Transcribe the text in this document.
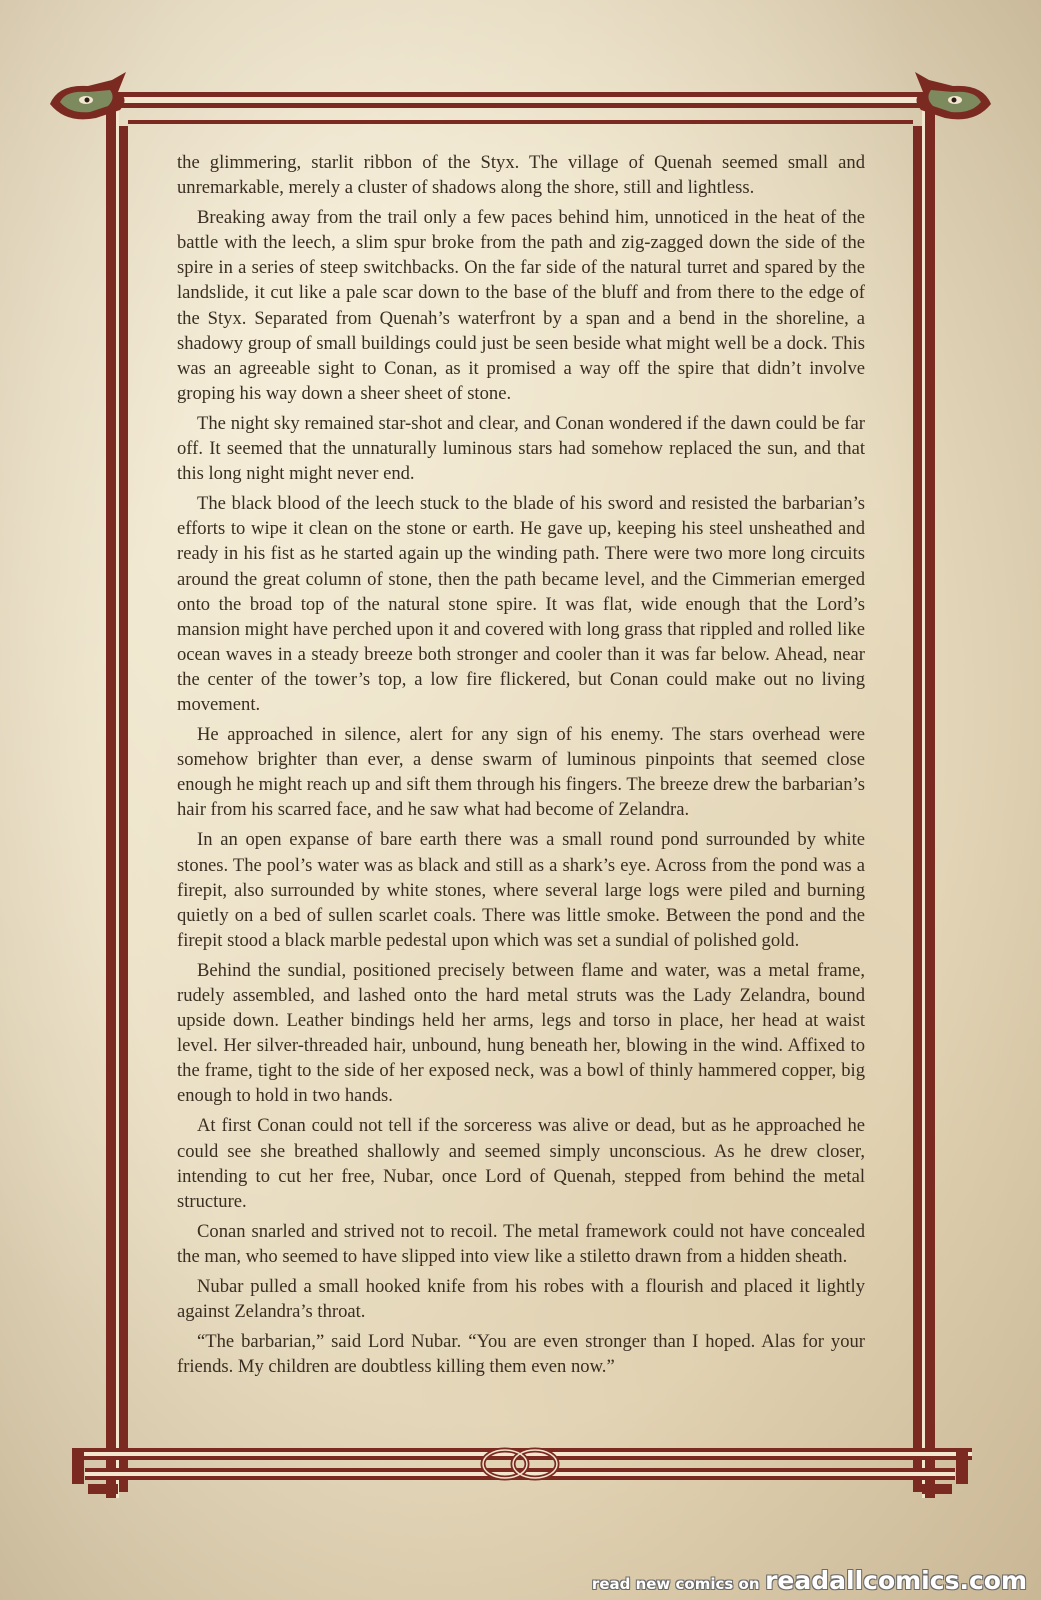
the glimmering, starlit ribbon of the Styx. The village of Quenah seemed small and unremarkable, merely a cluster of shadows along the shore, still and lightless.

Breaking away from the trail only a few paces behind him, unnoticed in the heat of the battle with the leech, a slim spur broke from the path and zig-zagged down the side of the spire in a series of steep switchbacks. On the far side of the natural turret and spared by the landslide, it cut like a pale scar down to the base of the bluff and from there to the edge of the Styx. Separated from Quenah’s waterfront by a span and a bend in the shoreline, a shadowy group of small buildings could just be seen beside what might well be a dock. This was an agreeable sight to Conan, as it promised a way off the spire that didn’t involve groping his way down a sheer sheet of stone.

The night sky remained star-shot and clear, and Conan wondered if the dawn could be far off. It seemed that the unnaturally luminous stars had somehow replaced the sun, and that this long night might never end.

The black blood of the leech stuck to the blade of his sword and resisted the barbarian’s efforts to wipe it clean on the stone or earth. He gave up, keeping his steel unsheathed and ready in his fist as he started again up the winding path. There were two more long circuits around the great column of stone, then the path became level, and the Cimmerian emerged onto the broad top of the natural stone spire. It was flat, wide enough that the Lord’s mansion might have perched upon it and covered with long grass that rippled and rolled like ocean waves in a steady breeze both stronger and cooler than it was far below. Ahead, near the center of the tower’s top, a low fire flickered, but Conan could make out no living movement.

He approached in silence, alert for any sign of his enemy. The stars overhead were somehow brighter than ever, a dense swarm of luminous pinpoints that seemed close enough he might reach up and sift them through his fingers. The breeze drew the barbarian’s hair from his scarred face, and he saw what had become of Zelandra.

In an open expanse of bare earth there was a small round pond surrounded by white stones. The pool’s water was as black and still as a shark’s eye. Across from the pond was a firepit, also surrounded by white stones, where several large logs were piled and burning quietly on a bed of sullen scarlet coals. There was little smoke. Between the pond and the firepit stood a black marble pedestal upon which was set a sundial of polished gold.

Behind the sundial, positioned precisely between flame and water, was a metal frame, rudely assembled, and lashed onto the hard metal struts was the Lady Zelandra, bound upside down. Leather bindings held her arms, legs and torso in place, her head at waist level. Her silver-threaded hair, unbound, hung beneath her, blowing in the wind. Affixed to the frame, tight to the side of her exposed neck, was a bowl of thinly hammered copper, big enough to hold in two hands.

At first Conan could not tell if the sorceress was alive or dead, but as he approached he could see she breathed shallowly and seemed simply unconscious. As he drew closer, intending to cut her free, Nubar, once Lord of Quenah, stepped from behind the metal structure.

Conan snarled and strived not to recoil. The metal framework could not have concealed the man, who seemed to have slipped into view like a stiletto drawn from a hidden sheath.

Nubar pulled a small hooked knife from his robes with a flourish and placed it lightly against Zelandra’s throat.

“The barbarian,” said Lord Nubar. “You are even stronger than I hoped. Alas for your friends. My children are doubtless killing them even now.”

read new comics on readallcomics.com
